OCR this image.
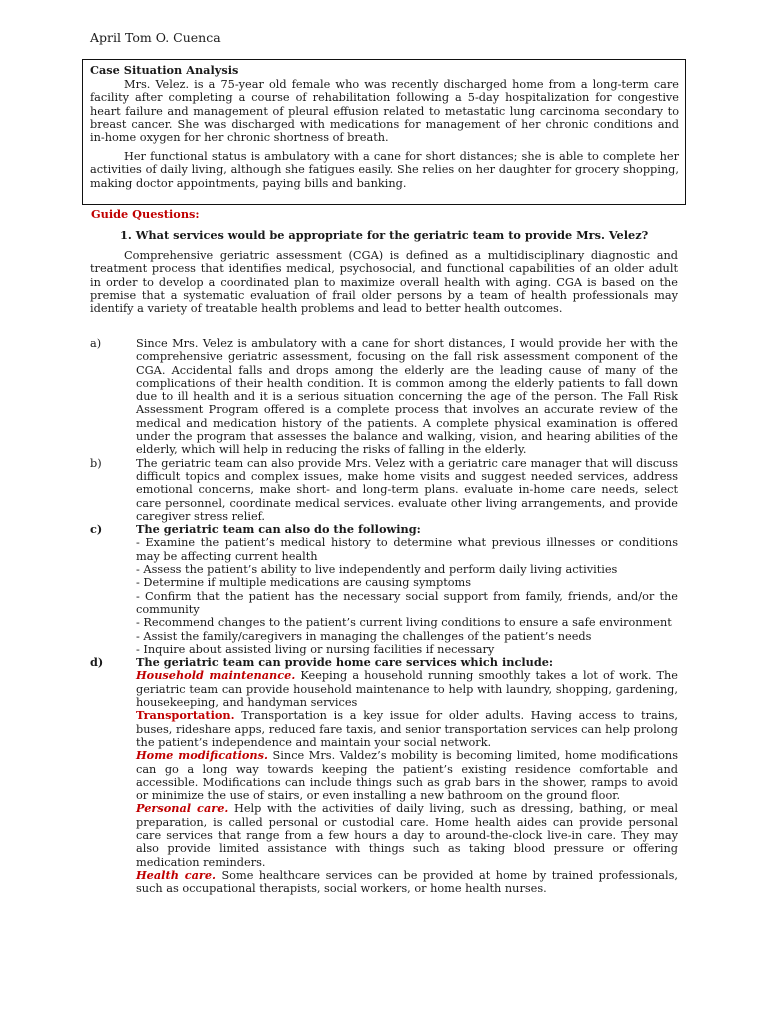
April Tom O. Cuenca
Case Situation Analysis

Mrs. Velez. is a 75-year old female who was recently discharged home from a long-term care facility after completing a course of rehabilitation following a 5-day hospitalization for congestive heart failure and management of pleural effusion related to metastatic lung carcinoma secondary to breast cancer. She was discharged with medications for management of her chronic conditions and in-home oxygen for her chronic shortness of breath.

Her functional status is ambulatory with a cane for short distances; she is able to complete her activities of daily living, although she fatigues easily. She relies on her daughter for grocery shopping, making doctor appointments, paying bills and banking.

Guide Questions:
1. What services would be appropriate for the geriatric team to provide Mrs. Velez?

Comprehensive geriatric assessment (CGA) is defined as a multidisciplinary diagnostic and treatment process that identifies medical, psychosocial, and functional capabilities of an older adult in order to develop a coordinated plan to maximize overall health with aging. CGA is based on the premise that a systematic evaluation of frail older persons by a team of health professionals may identify a variety of treatable health problems and lead to better health outcomes.

a)	Since Mrs. Velez is ambulatory with a cane for short distances, I would provide her with the comprehensive geriatric assessment, focusing on the fall risk assessment component of the CGA. Accidental falls and drops among the elderly are the leading cause of many of the complications of their health condition. It is common among the elderly patients to fall down due to ill health and it is a serious situation concerning the age of the person. The Fall Risk Assessment Program offered is a complete process that involves an accurate review of the medical and medication history of the patients. A complete physical examination is offered under the program that assesses the balance and walking, vision, and hearing abilities of the elderly, which will help in reducing the risks of falling in the elderly.
b)	The geriatric team can also provide Mrs. Velez with a geriatric care manager that will discuss difficult topics and complex issues, make home visits and suggest needed services, address emotional concerns, make short- and long-term plans. evaluate in-home care needs, select care personnel, coordinate medical services. evaluate other living arrangements, and provide caregiver stress relief.
c)	The geriatric team can also do the following:
- Examine the patient’s medical history to determine what previous illnesses or conditions may be affecting current health
- Assess the patient’s ability to live independently and perform daily living activities
- Determine if multiple medications are causing symptoms
- Confirm that the patient has the necessary social support from family, friends, and/or the community
- Recommend changes to the patient’s current living conditions to ensure a safe environment
- Assist the family/caregivers in managing the challenges of the patient’s needs
- Inquire about assisted living or nursing facilities if necessary
d)	The geriatric team can provide home care services which include:
Household maintenance. Keeping a household running smoothly takes a lot of work. The geriatric team can provide household maintenance to help with laundry, shopping, gardening, housekeeping, and handyman services
Transportation. Transportation is a key issue for older adults. Having access to trains, buses, rideshare apps, reduced fare taxis, and senior transportation services can help prolong the patient’s independence and maintain your social network.
Home modifications. Since Mrs. Valdez’s mobility is becoming limited, home modifications can go a long way towards keeping the patient’s existing residence comfortable and accessible. Modifications can include things such as grab bars in the shower, ramps to avoid or minimize the use of stairs, or even installing a new bathroom on the ground floor.
Personal care. Help with the activities of daily living, such as dressing, bathing, or meal preparation, is called personal or custodial care. Home health aides can provide personal care services that range from a few hours a day to around-the-clock live-in care. They may also provide limited assistance with things such as taking blood pressure or offering medication reminders.
Health care. Some healthcare services can be provided at home by trained professionals, such as occupational therapists, social workers, or home health nurses.
